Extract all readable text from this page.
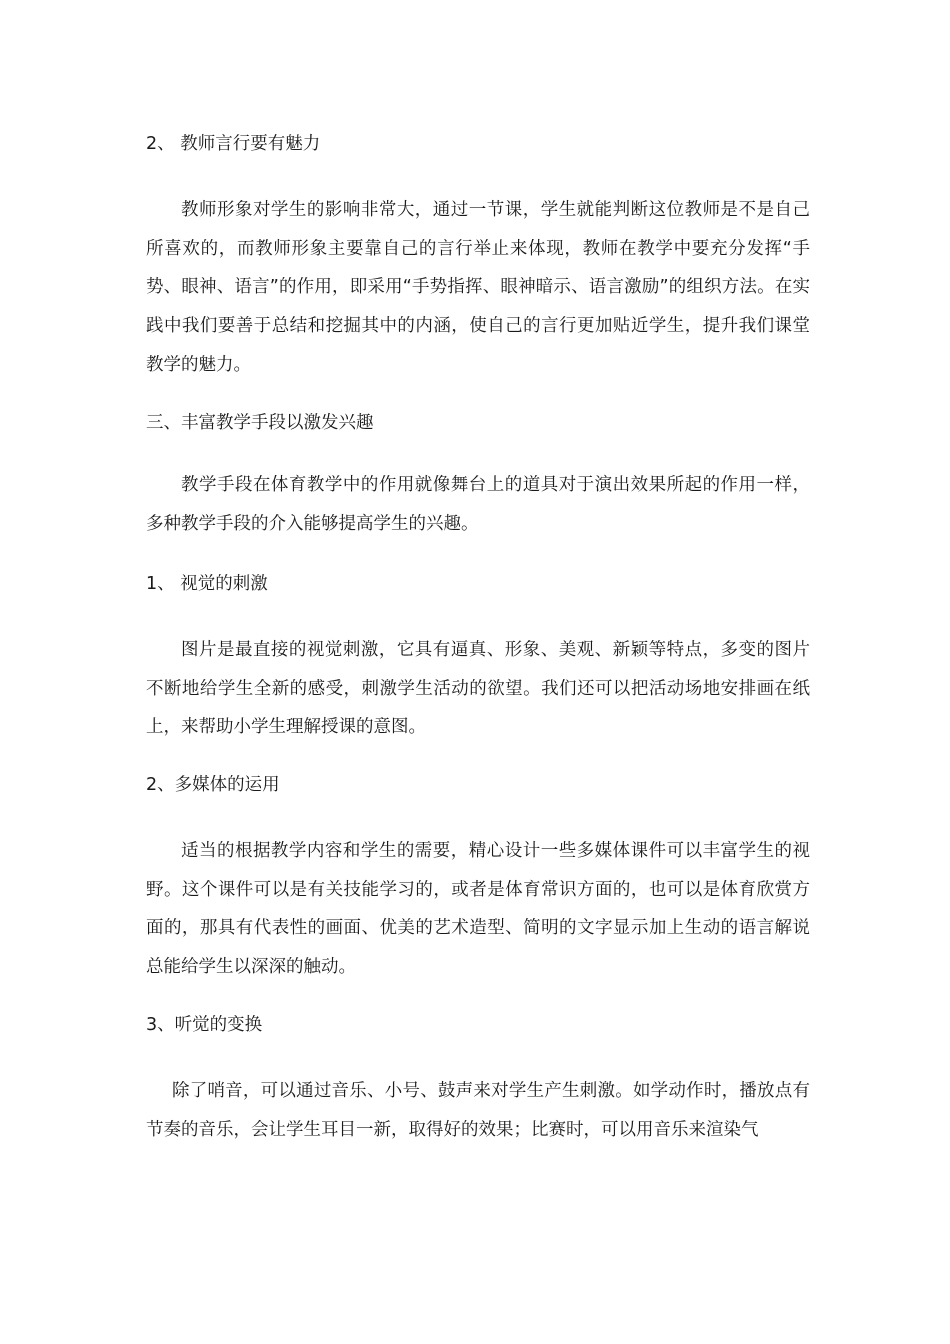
2、 教师言行要有魅力
教师形象对学生的影响非常大，通过一节课，学生就能判断这位教师是不是自己所喜欢的，而教师形象主要靠自己的言行举止来体现，教师在教学中要充分发挥“手势、眼神、语言”的作用，即采用“手势指挥、眼神暗示、语言激励”的组织方法。在实践中我们要善于总结和挖掘其中的内涵，使自己的言行更加贴近学生，提升我们课堂教学的魅力。
三、丰富教学手段以激发兴趣
教学手段在体育教学中的作用就像舞台上的道具对于演出效果所起的作用一样，多种教学手段的介入能够提高学生的兴趣。
1、 视觉的刺激
图片是最直接的视觉刺激，它具有逼真、形象、美观、新颖等特点，多变的图片不断地给学生全新的感受，刺激学生活动的欲望。我们还可以把活动场地安排画在纸上，来帮助小学生理解授课的意图。
2、多媒体的运用
适当的根据教学内容和学生的需要，精心设计一些多媒体课件可以丰富学生的视野。这个课件可以是有关技能学习的，或者是体育常识方面的，也可以是体育欣赏方面的，那具有代表性的画面、优美的艺术造型、简明的文字显示加上生动的语言解说总能给学生以深深的触动。
3、听觉的变换
除了哨音，可以通过音乐、小号、鼓声来对学生产生刺激。如学动作时，播放点有节奏的音乐，会让学生耳目一新，取得好的效果；比赛时，可以用音乐来渲染气
